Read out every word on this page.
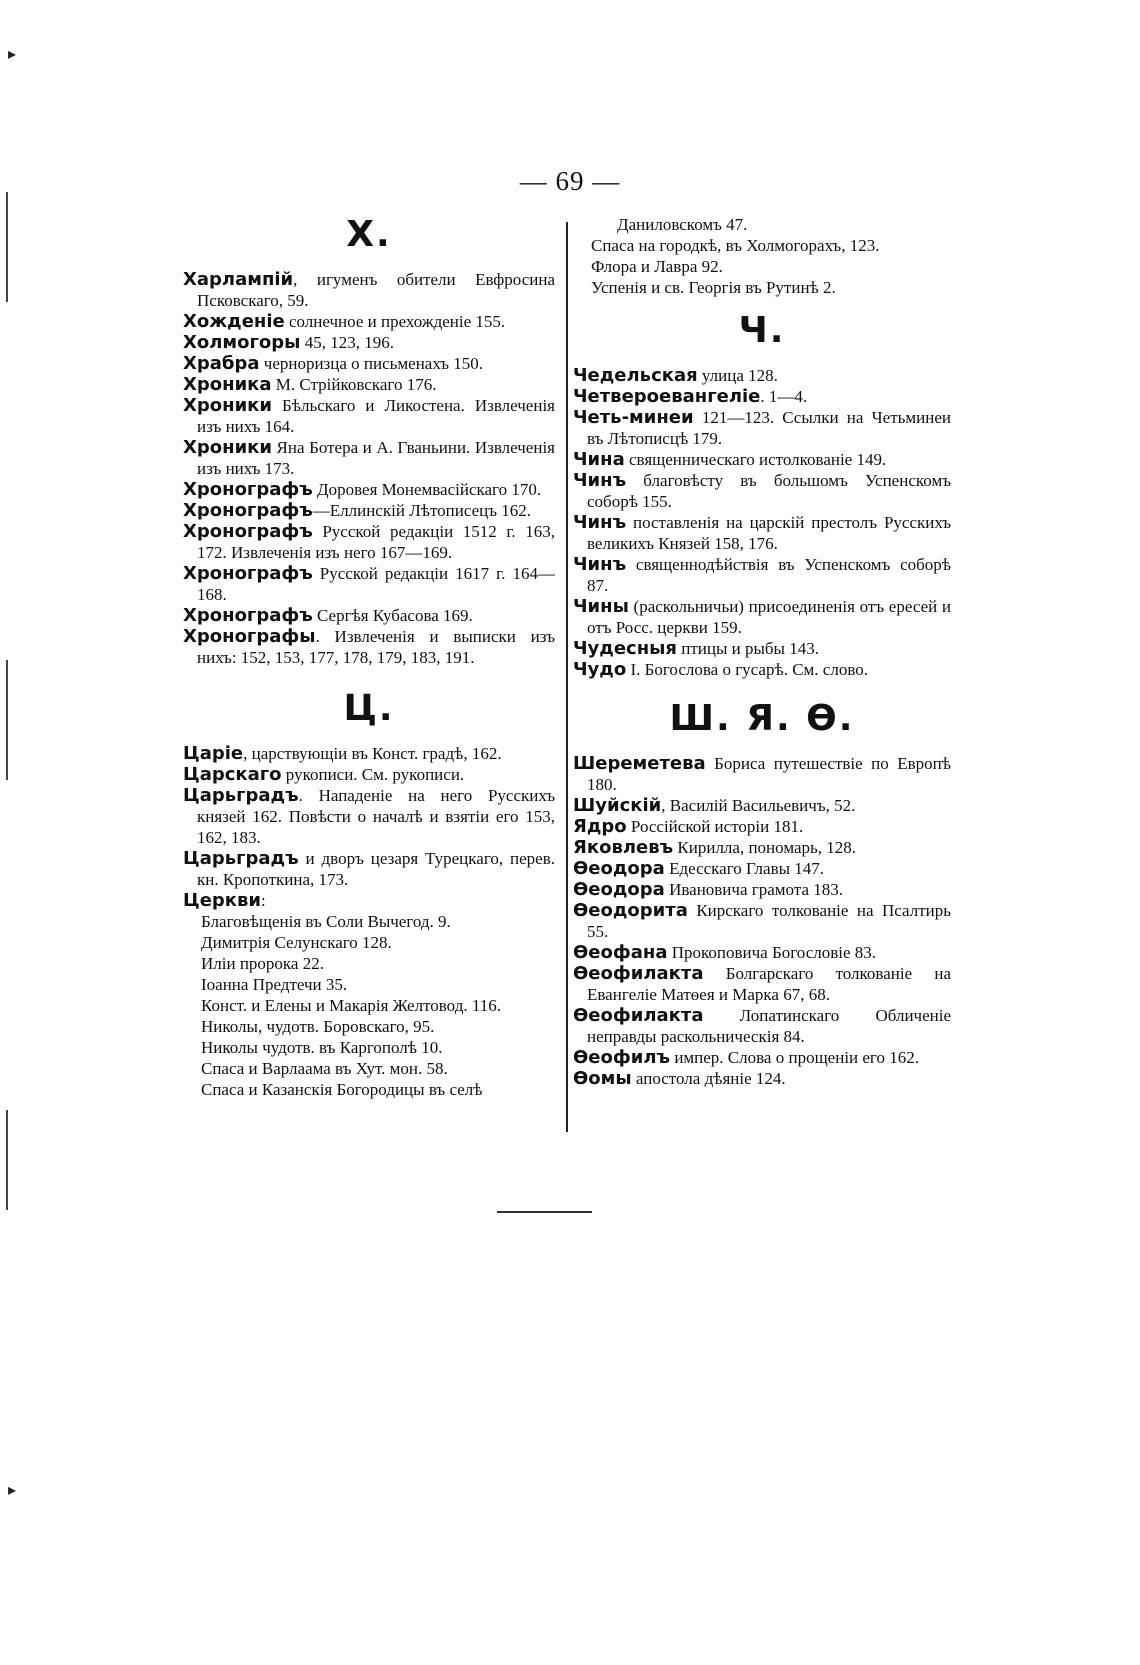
▸
▸
— 69 —
Х.
Харлампій, игуменъ обители Евфросина Псковскаго, 59.
Хожденіе солнечное и прехожденіе 155.
Холмогоры 45, 123, 196.
Храбра черноризца о письменахъ 150.
Хроника М. Стрійковскаго 176.
Хроники Бѣльскаго и Ликостена. Извлеченія изъ нихъ 164.
Хроники Яна Ботера и А. Гваньини. Извлеченія изъ нихъ 173.
Хронографъ Доровея Монемвасійскаго 170.
Хронографъ—Еллинскій Лѣтописецъ 162.
Хронографъ Русской редакціи 1512 г. 163, 172. Извлеченія изъ него 167—169.
Хронографъ Русской редакціи 1617 г. 164—168.
Хронографъ Сергѣя Кубасова 169.
Хронографы. Извлеченія и выписки изъ нихъ: 152, 153, 177, 178, 179, 183, 191.
Ц.
Царіе, царствующіи въ Конст. градѣ, 162.
Царскаго рукописи. См. рукописи.
Царьградъ. Нападеніе на него Русскихъ князей 162. Повѣсти о началѣ и взятіи его 153, 162, 183.
Царьградъ и дворъ цезаря Турецкаго, перев. кн. Кропоткина, 173.
Церкви:
Благовѣщенія въ Соли Вычегод. 9.
Димитрія Селунскаго 128.
Иліи пророка 22.
Іоанна Предтечи 35.
Конст. и Елены и Макарія Желтовод. 116.
Николы, чудотв. Боровскаго, 95.
Николы чудотв. въ Каргополѣ 10.
Спаса и Варлаама въ Хут. мон. 58.
Спаса и Казанскія Богородицы въ селѣ
Даниловскомъ 47.
Спаса на городкѣ, въ Холмогорахъ, 123.
Флора и Лавра 92.
Успенія и св. Георгія въ Рутинѣ 2.
Ч.
Чедельская улица 128.
Четвероевангеліе. 1—4.
Четь-минеи 121—123. Ссылки на Четьминеи въ Лѣтописцѣ 179.
Чина священническаго истолкованіе 149.
Чинъ благовѣсту въ большомъ Успенскомъ соборѣ 155.
Чинъ поставленія на царскій престолъ Русскихъ великихъ Князей 158, 176.
Чинъ священнодѣйствія въ Успенскомъ соборѣ 87.
Чины (раскольничьи) присоединенія отъ ересей и отъ Росс. церкви 159.
Чудесныя птицы и рыбы 143.
Чудо І. Богослова о гусарѣ. См. слово.
Ш. Я. Ѳ.
Шереметева Бориса путешествіе по Европѣ 180.
Шуйскій, Василій Васильевичъ, 52.
Ядро Россійской исторіи 181.
Яковлевъ Кирилла, пономарь, 128.
Ѳеодора Едесскаго Главы 147.
Ѳеодора Ивановича грамота 183.
Ѳеодорита Кирскаго толкованіе на Псалтирь 55.
Ѳеофана Прокоповича Богословіе 83.
Ѳеофилакта Болгарскаго толкованіе на Евангеліе Матѳея и Марка 67, 68.
Ѳеофилакта Лопатинскаго Обличеніе неправды раскольническія 84.
Ѳеофилъ импер. Слова о прощеніи его 162.
Ѳомы апостола дѣяніе 124.
